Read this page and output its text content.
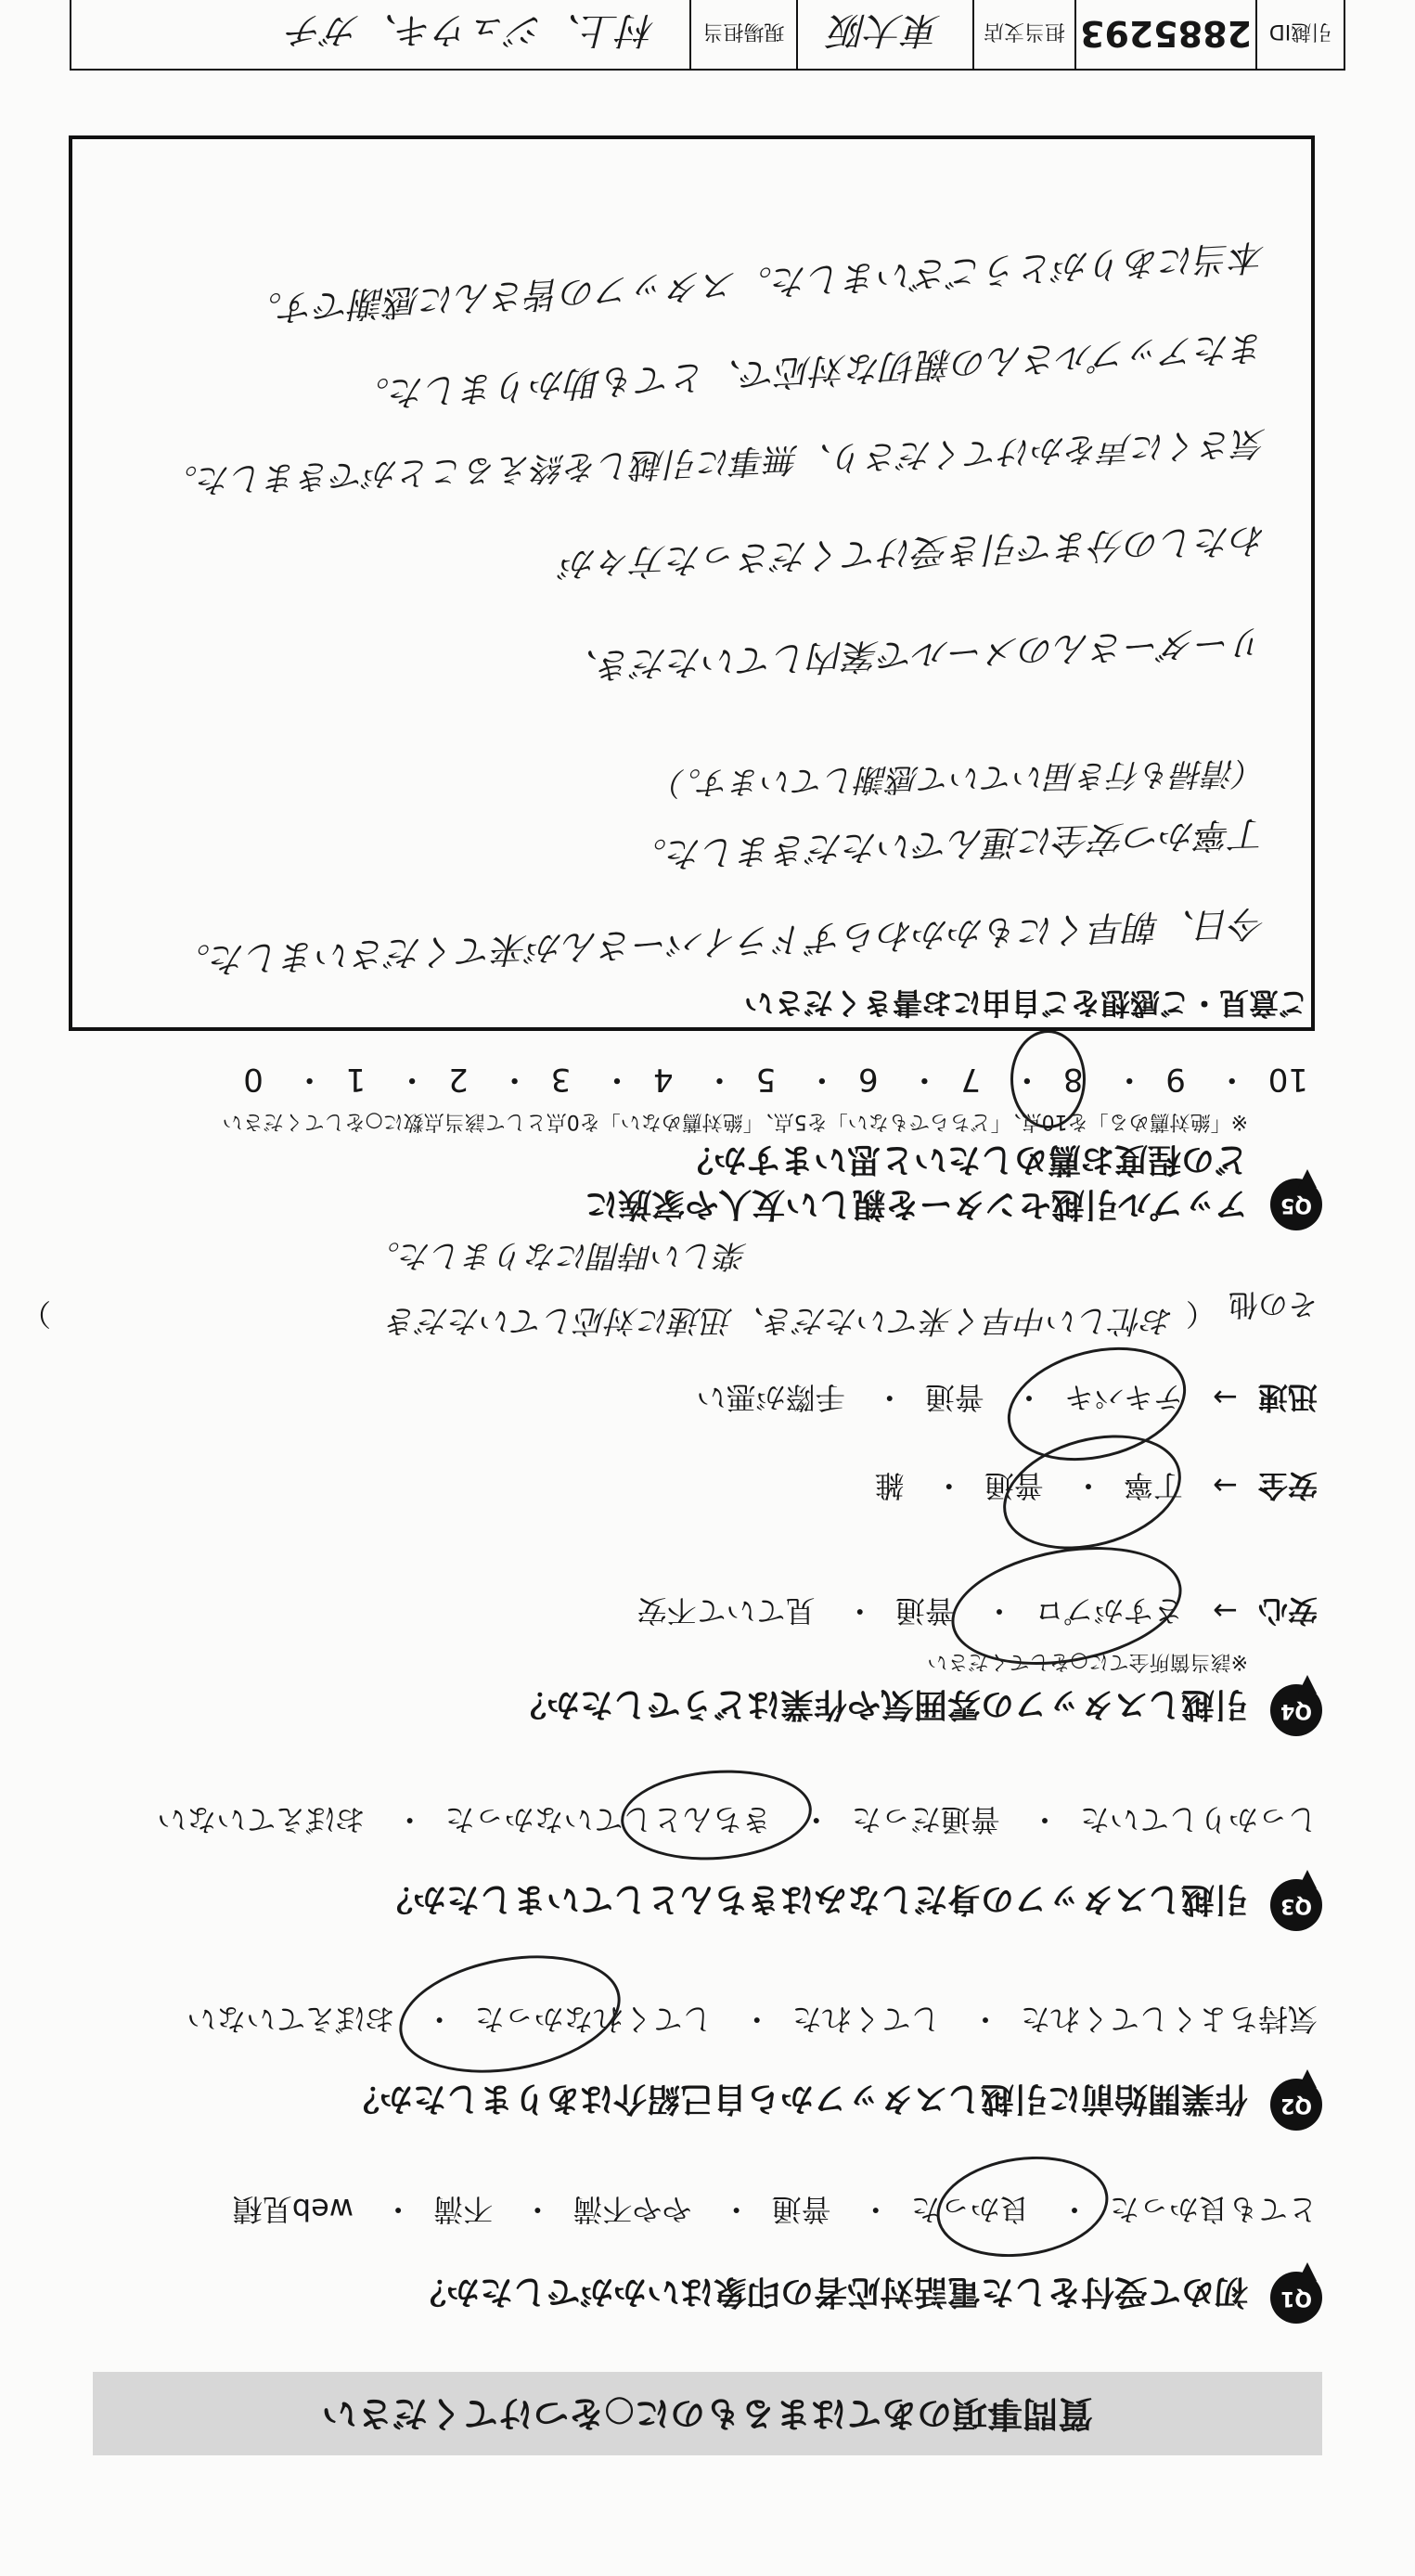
質問事項のあてはまるものに○をつけてください
Q1
初めて受付をした電話対応者の印象はいかがでしたか？
とても良かった・ 良かった・ 普通・ やや不満・ 不満・ web見積
Q2
作業開始前に引越しスタッフから自己紹介はありましたか？
気持ちよくしてくれた・ してくれた・ してくれなかった・ おぼえていない
Q3
引越しスタッフの身だしなみはきちんとしていましたか？
しっかりしていた・ 普通だった・ きちんとしていなかった・ おぼえていない
Q4
引越しスタッフの雰囲気や作業はどうでしたか？
※該当箇所全てに○をしてください
安心→ さすがプロ・ 普通・ 見ていて不安
安全→ 丁寧・ 普通・ 雑
迅速→ テキパキ・ 普通・ 手際が悪い
その他
）	（
お忙しい中早く来ていただき、迅速に対応していただき
楽しい時間になりました。
Q5
アップル引越センターを親しい友人や家族に
どの程度お薦めしたいと思いますか？
※「絶対薦める」を10点、「どちらでもない」を5点、「絶対薦めない」を0点として該当点数に○をしてください
10・ 9・ 8・ 7・ 6・ 5・ 4・ 3・ 2・ 1・ 0
ご意見・ご感想をご自由にお書きください
今日、朝早くにもかかわらずドライバーさんが来てくださいました。
丁寧かつ安全に運んでいただきました。
（清掃も行き届いていて感謝しています。）
リーダーさんのメールで案内していただき、
わたしの分まで引き受けてくださった方々が
気さくに声をかけてくださり、無事に引越しを終えることができました。
またアップルさんの親切な対応で、とても助かりました。
本当にありがとうございました。スタッフの皆さんに感謝です。
引越ID
2885293
担当支店
東大阪
現場担当
村上、ジュウキ、ガチ
